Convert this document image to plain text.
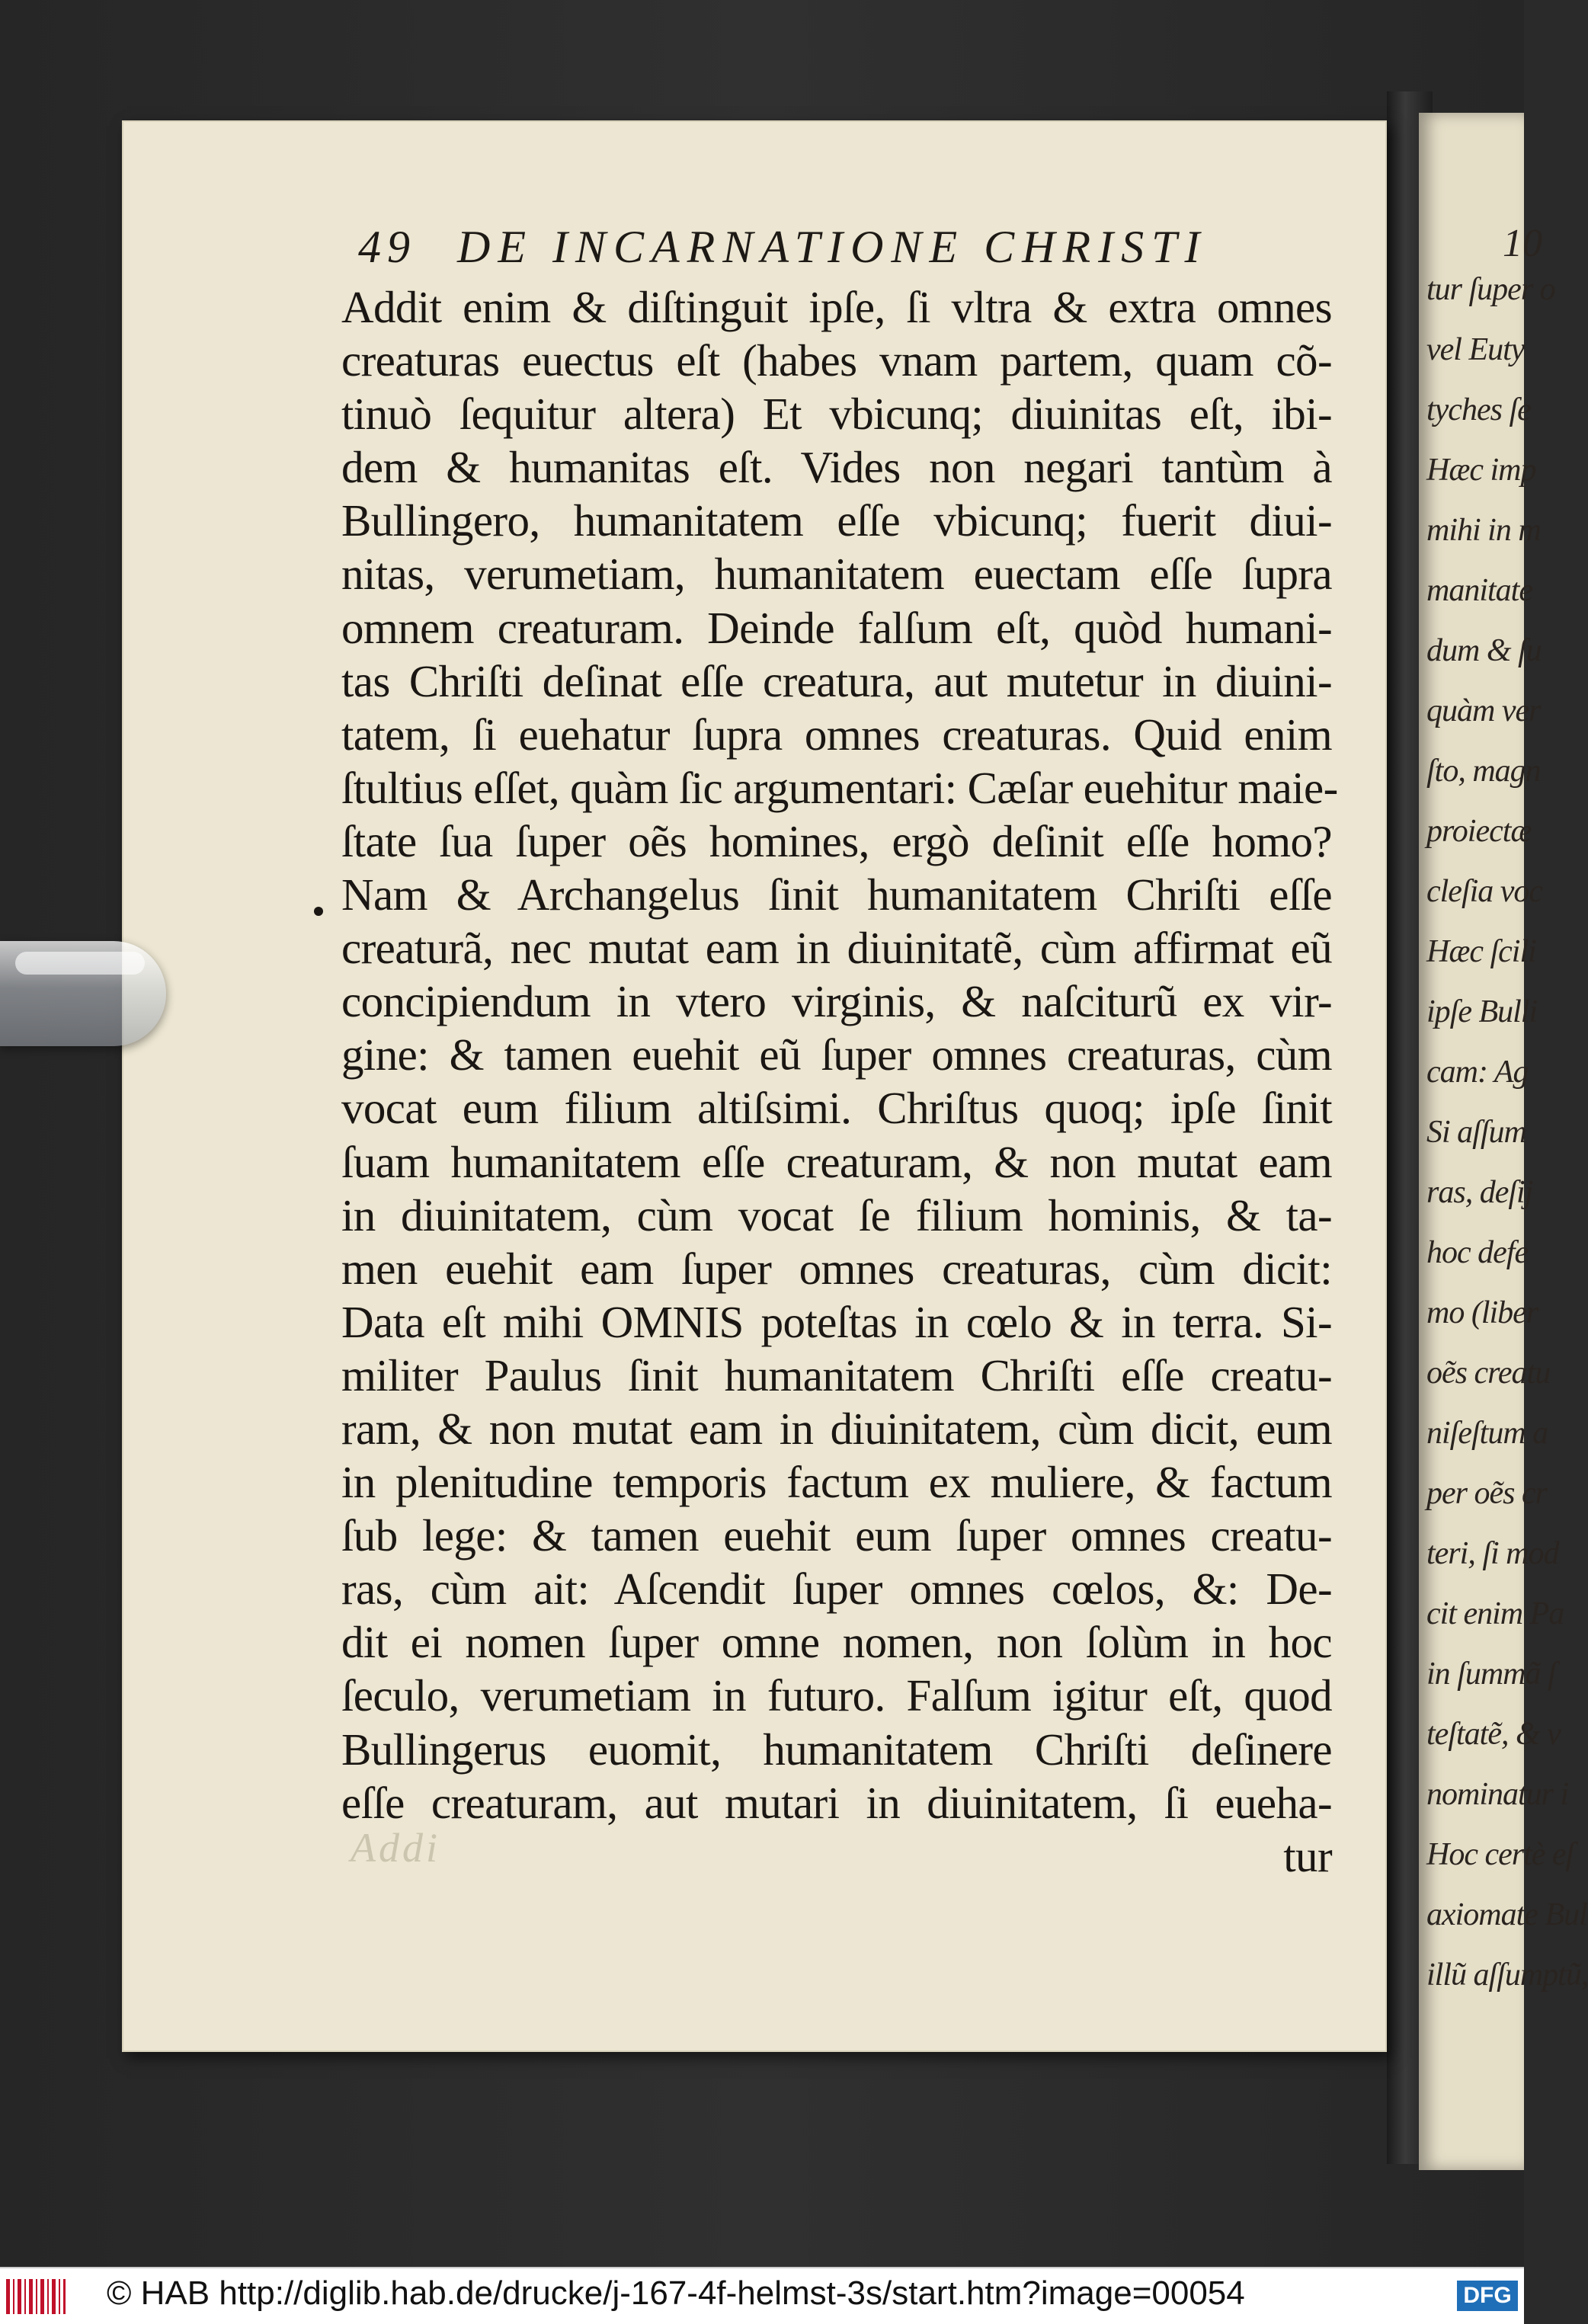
10
tur ſuper o
vel Euty
tyches ſe
Hæc imp
mihi in m
manitate
dum & ſu
quàm ver
ſto, magn
proiectæ
cleſia voc
Hæc ſcili
ipſe Bulli
cam: Ag
Si aſſum
ras, deſij
hoc defe
mo (liber
oẽs creatu
niſeſtum a
per oẽs cr
teri, ſi mod
cit enim Pa
in ſummã ſ
teſtatẽ, & v
nominatur i
Hoc certè eſ
axiomate Bul
illũ aſſumptũ,
49 DE INCARNATIONE CHRISTI
Addit enim & diſtinguit ipſe, ſi vltra & extra omnes
creaturas euectus eſt (habes vnam partem, quam cõ-
tinuò ſequitur altera) Et vbicunq; diuinitas eſt, ibi-
dem & humanitas eſt. Vides non negari tantùm à
Bullingero, humanitatem eſſe vbicunq; fuerit diui-
nitas, verumetiam, humanitatem euectam eſſe ſupra
omnem creaturam. Deinde falſum eſt, quòd humani-
tas Chriſti deſinat eſſe creatura, aut mutetur in diuini-
tatem, ſi euehatur ſupra omnes creaturas. Quid enim
ſtultius eſſet, quàm ſic argumentari: Cæſar euehitur maie-
ſtate ſua ſuper oẽs homines, ergò deſinit eſſe homo?
Nam & Archangelus ſinit humanitatem Chriſti eſſe
creaturã, nec mutat eam in diuinitatẽ, cùm affirmat eũ
concipiendum in vtero virginis, & naſciturũ ex vir-
gine: & tamen euehit eũ ſuper omnes creaturas, cùm
vocat eum filium altiſsimi. Chriſtus quoq; ipſe ſinit
ſuam humanitatem eſſe creaturam, & non mutat eam
in diuinitatem, cùm vocat ſe filium hominis, & ta-
men euehit eam ſuper omnes creaturas, cùm dicit:
Data eſt mihi OMNIS poteſtas in cœlo & in terra. Si-
militer Paulus ſinit humanitatem Chriſti eſſe creatu-
ram, & non mutat eam in diuinitatem, cùm dicit, eum
in plenitudine temporis factum ex muliere, & factum
ſub lege: & tamen euehit eum ſuper omnes creatu-
ras, cùm ait: Aſcendit ſuper omnes cœlos, &: De-
dit ei nomen ſuper omne nomen, non ſolùm in hoc
ſeculo, verumetiam in futuro. Falſum igitur eſt, quod
Bullingerus euomit, humanitatem Chriſti deſinere
eſſe creaturam, aut mutari in diuinitatem, ſi eueha-
tur
Addi
© HAB http://diglib.hab.de/drucke/j-167-4f-helmst-3s/start.htm?image=00054	DFG
